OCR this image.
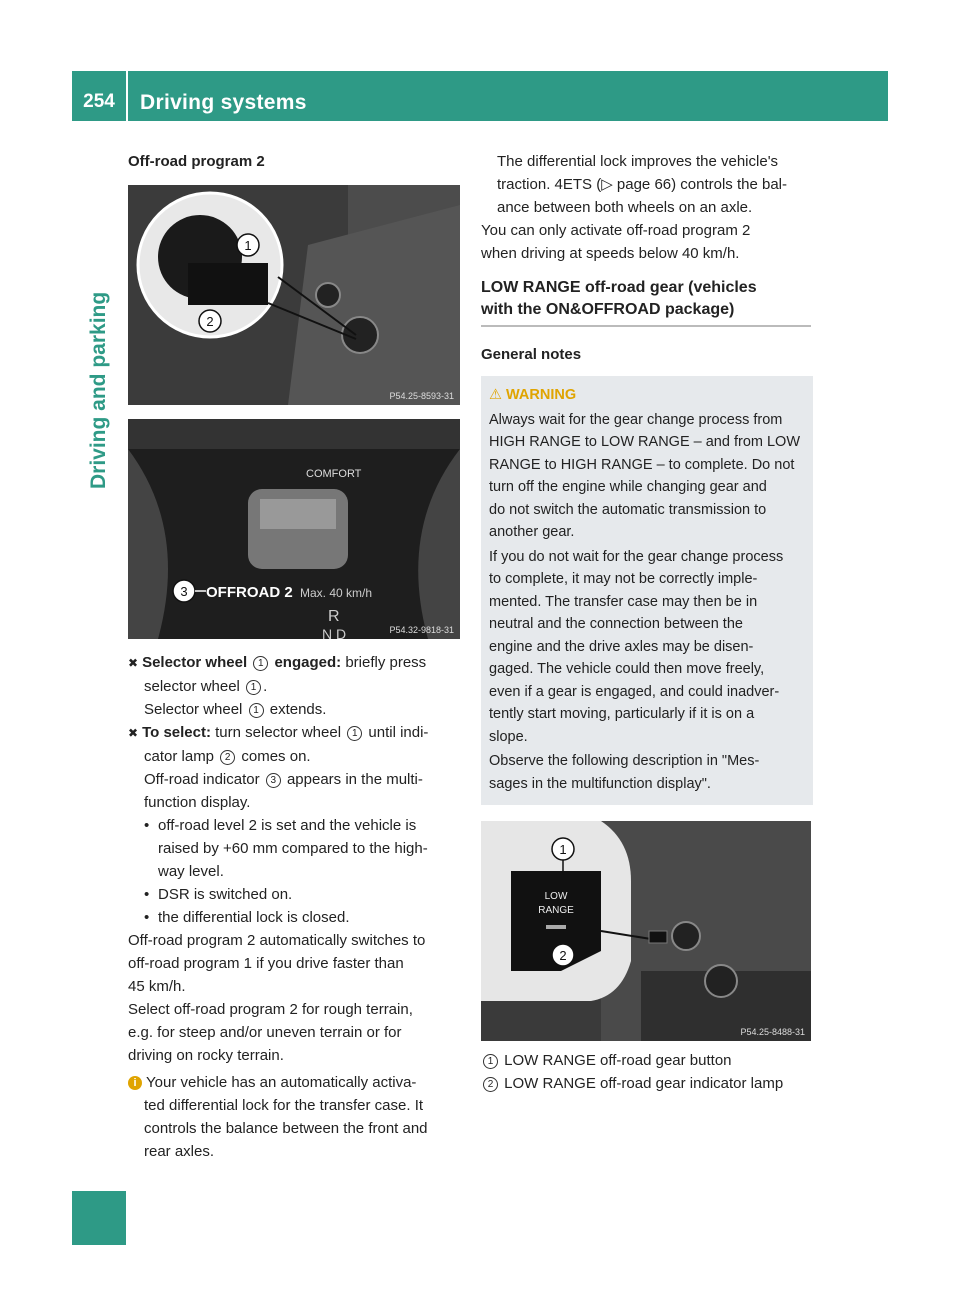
254	Driving systems
Driving and parking

Off-road program 2

1
2
P54.25-8593-31
COMFORT
3 OFFROAD 2 Max. 40 km/h
R
N D	P54.32-9818-31

✖ Selector wheel 1 engaged: briefly press

selector wheel 1 .

Selector wheel 1 extends.

✖ To select: turn selector wheel 1 until indi-

cator lamp 2 comes on.

Off-road indicator 3 appears in the multi-

function display.

• off-road level 2 is set and the vehicle is

raised by +60 mm compared to the high-

way level.

• DSR is switched on.

• the differential lock is closed.

Off-road program 2 automatically switches to

off-road program 1 if you drive faster than

45 km/h.

Select off-road program 2 for rough terrain,

e.g. for steep and/or uneven terrain or for

driving on rocky terrain.

i Your vehicle has an automatically activa-

ted differential lock for the transfer case. It

controls the balance between the front and

rear axles.

The differential lock improves the vehicle's

traction. 4ETS (▷ page 66) controls the bal-

ance between both wheels on an axle.

You can only activate off-road program 2

when driving at speeds below 40 km/h.

LOW RANGE off-road gear (vehicles
with the ON&OFFROAD package)

General notes

⚠ WARNING
Always wait for the gear change process from
HIGH RANGE to LOW RANGE – and from LOW
RANGE to HIGH RANGE – to complete. Do not
turn off the engine while changing gear and
do not switch the automatic transmission to
another gear.
If you do not wait for the gear change process
to complete, it may not be correctly imple-
mented. The transfer case may then be in
neutral and the connection between the
engine and the drive axles may be disen-
gaged. The vehicle could then move freely,
even if a gear is engaged, and could inadver-
tently start moving, particularly if it is on a
slope.
Observe the following description in "Mes-
sages in the multifunction display".
LOW
RANGE
1
2
P54.25-8488-31

1 LOW RANGE off-road gear button

2 LOW RANGE off-road gear indicator lamp
